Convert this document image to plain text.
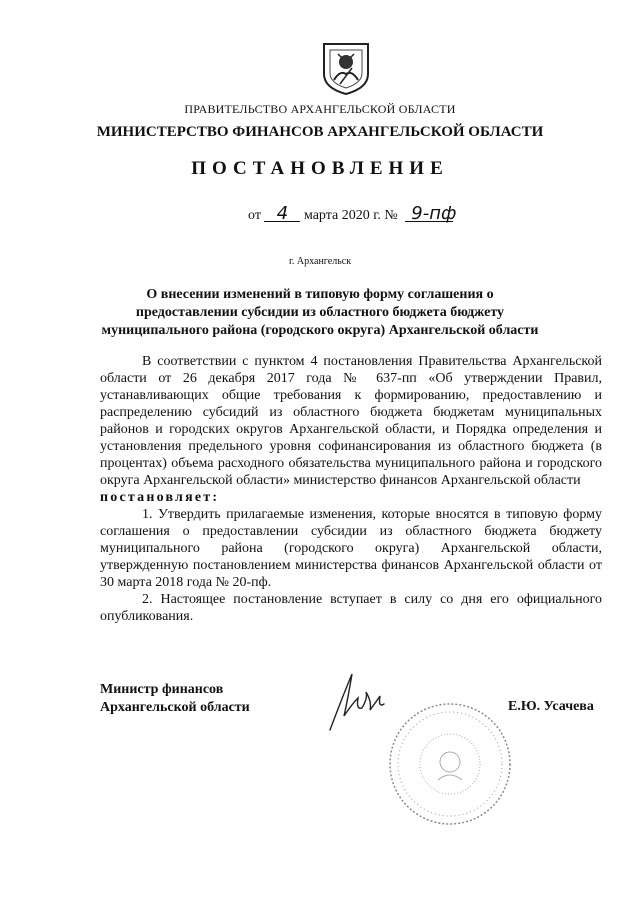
ПРАВИТЕЛЬСТВО АРХАНГЕЛЬСКОЙ ОБЛАСТИ
МИНИСТЕРСТВО ФИНАНСОВ АРХАНГЕЛЬСКОЙ ОБЛАСТИ
ПОСТАНОВЛЕНИЕ
от 4 марта 2020 г. № 9-пф
г. Архангельск
О внесении изменений в типовую форму соглашения о предоставлении субсидии из областного бюджета бюджету муниципального района (городского округа) Архангельской области

В соответствии с пунктом 4 постановления Правительства Архангельской области от 26 декабря 2017 года № 637-пп «Об утверждении Правил, устанавливающих общие требования к формированию, предоставлению и распределению субсидий из областного бюджета бюджетам муниципальных районов и городских округов Архангельской области, и Порядка определения и установления предельного уровня софинансирования из областного бюджета (в процентах) объема расходного обязательства муниципального района и городского округа Архангельской области» министерство финансов Архангельской области

постановляет:

1. Утвердить прилагаемые изменения, которые вносятся в типовую форму соглашения о предоставлении субсидии из областного бюджета бюджету муниципального района (городского округа) Архангельской области, утвержденную постановлением министерства финансов Архангельской области от 30 марта 2018 года № 20-пф.

2. Настоящее постановление вступает в силу со дня его официального опубликования.

Министр финансов
Архангельской области	Е.Ю. Усачева
